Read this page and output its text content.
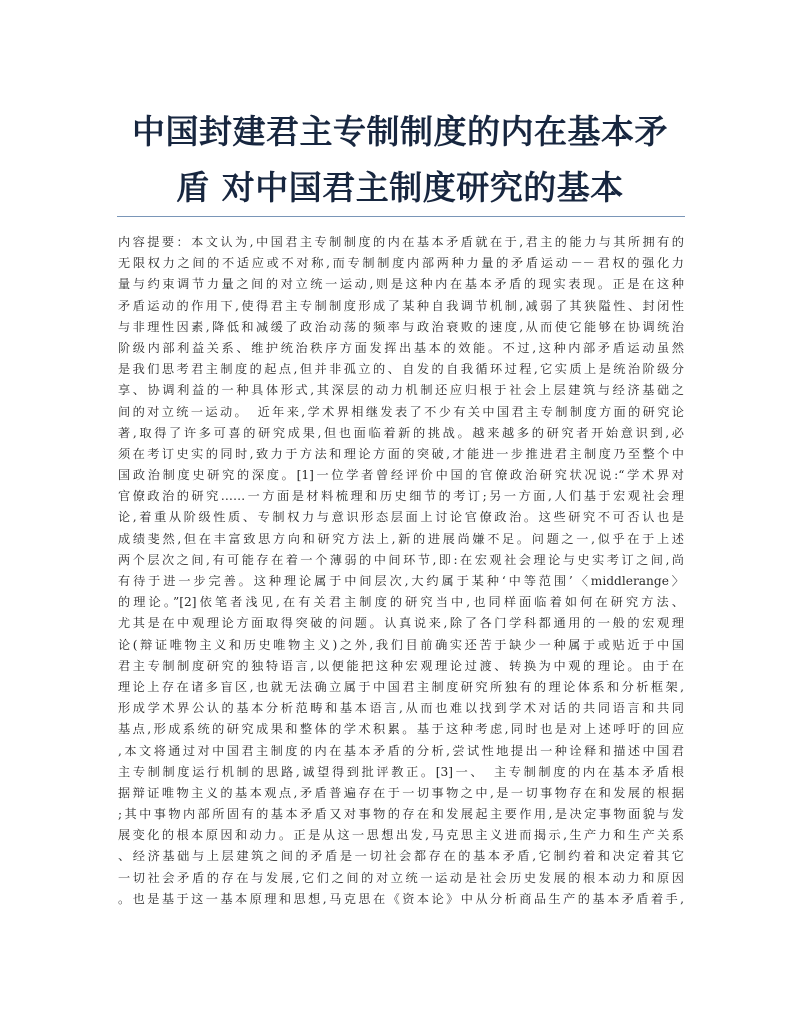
中国封建君主专制制度的内在基本矛
盾 对中国君主制度研究的基本
内容提要：本文认为,中国君主专制制度的内在基本矛盾就在于,君主的能力与其所拥有的
无限权力之间的不适应或不对称,而专制制度内部两种力量的矛盾运动－－君权的强化力
量与约束调节力量之间的对立统一运动,则是这种内在基本矛盾的现实表现。正是在这种
矛盾运动的作用下,使得君主专制制度形成了某种自我调节机制,减弱了其狭隘性、封闭性
与非理性因素,降低和减缓了政治动荡的频率与政治衰败的速度,从而使它能够在协调统治
阶级内部利益关系、维护统治秩序方面发挥出基本的效能。不过,这种内部矛盾运动虽然
是我们思考君主制度的起点,但并非孤立的、自发的自我循环过程,它实质上是统治阶级分
享、协调利益的一种具体形式,其深层的动力机制还应归根于社会上层建筑与经济基础之
间的对立统一运动。　近年来,学术界相继发表了不少有关中国君主专制制度方面的研究论
著,取得了许多可喜的研究成果,但也面临着新的挑战。越来越多的研究者开始意识到,必
须在考订史实的同时,致力于方法和理论方面的突破,才能进一步推进君主制度乃至整个中
国政治制度史研究的深度。[1]一位学者曾经评价中国的官僚政治研究状况说:“学术界对
官僚政治的研究……一方面是材料梳理和历史细节的考订;另一方面,人们基于宏观社会理
论,着重从阶级性质、专制权力与意识形态层面上讨论官僚政治。这些研究不可否认也是
成绩斐然,但在丰富致思方向和研究方法上,新的进展尚嫌不足。问题之一,似乎在于上述
两个层次之间,有可能存在着一个薄弱的中间环节,即:在宏观社会理论与史实考订之间,尚
有待于进一步完善。这种理论属于中间层次,大约属于某种‘中等范围’〈middlerange〉
的理论。”[2]依笔者浅见,在有关君主制度的研究当中,也同样面临着如何在研究方法、
尤其是在中观理论方面取得突破的问题。认真说来,除了各门学科都通用的一般的宏观理
论(辩证唯物主义和历史唯物主义)之外,我们目前确实还苦于缺少一种属于或贴近于中国
君主专制制度研究的独特语言,以便能把这种宏观理论过渡、转换为中观的理论。由于在
理论上存在诸多盲区,也就无法确立属于中国君主制度研究所独有的理论体系和分析框架,
形成学术界公认的基本分析范畴和基本语言,从而也难以找到学术对话的共同语言和共同
基点,形成系统的研究成果和整体的学术积累。基于这种考虑,同时也是对上述呼吁的回应
,本文将通过对中国君主制度的内在基本矛盾的分析,尝试性地提出一种诠释和描述中国君
主专制制度运行机制的思路,诚望得到批评教正。[3]一、　主专制制度的内在基本矛盾根
据辩证唯物主义的基本观点,矛盾普遍存在于一切事物之中,是一切事物存在和发展的根据
;其中事物内部所固有的基本矛盾又对事物的存在和发展起主要作用,是决定事物面貌与发
展变化的根本原因和动力。正是从这一思想出发,马克思主义进而揭示,生产力和生产关系
、经济基础与上层建筑之间的矛盾是一切社会都存在的基本矛盾,它制约着和决定着其它
一切社会矛盾的存在与发展,它们之间的对立统一运动是社会历史发展的根本动力和原因
。也是基于这一基本原理和思想,马克思在《资本论》中从分析商品生产的基本矛盾着手,
